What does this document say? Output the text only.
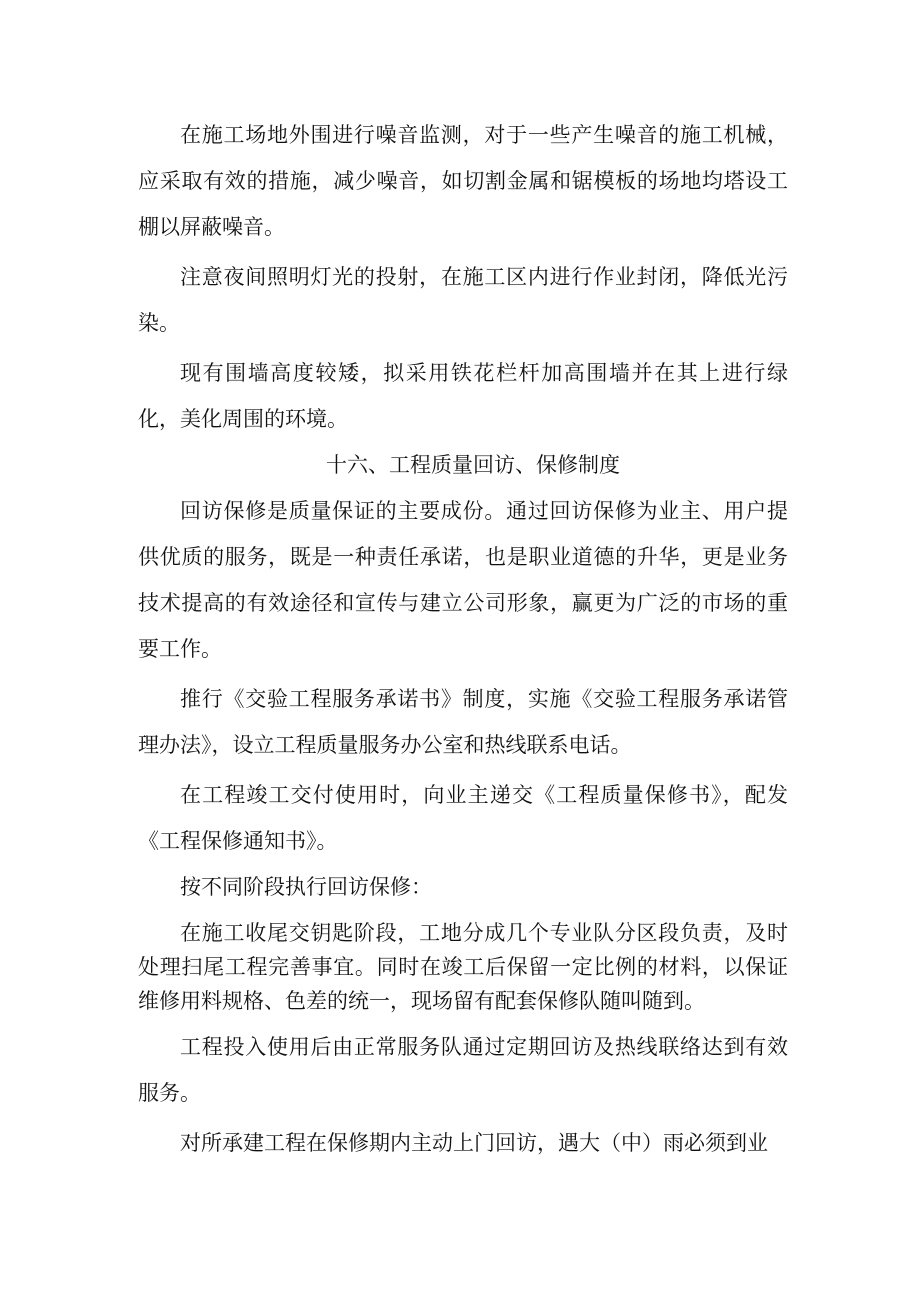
在施工场地外围进行噪音监测，对于一些产生噪音的施工机械，应采取有效的措施，减少噪音，如切割金属和锯模板的场地均塔设工棚以屏蔽噪音。

注意夜间照明灯光的投射，在施工区内进行作业封闭，降低光污染。

现有围墙高度较矮，拟采用铁花栏杆加高围墙并在其上进行绿化，美化周围的环境。

十六、工程质量回访、保修制度

回访保修是质量保证的主要成份。通过回访保修为业主、用户提供优质的服务，既是一种责任承诺，也是职业道德的升华，更是业务技术提高的有效途径和宣传与建立公司形象，赢更为广泛的市场的重要工作。

推行《交验工程服务承诺书》制度，实施《交验工程服务承诺管理办法》，设立工程质量服务办公室和热线联系电话。

在工程竣工交付使用时，向业主递交《工程质量保修书》，配发《工程保修通知书》。

按不同阶段执行回访保修：

在施工收尾交钥匙阶段，工地分成几个专业队分区段负责，及时处理扫尾工程完善事宜。同时在竣工后保留一定比例的材料，以保证维修用料规格、色差的统一，现场留有配套保修队随叫随到。

工程投入使用后由正常服务队通过定期回访及热线联络达到有效服务。

对所承建工程在保修期内主动上门回访，遇大（中）雨必须到业
